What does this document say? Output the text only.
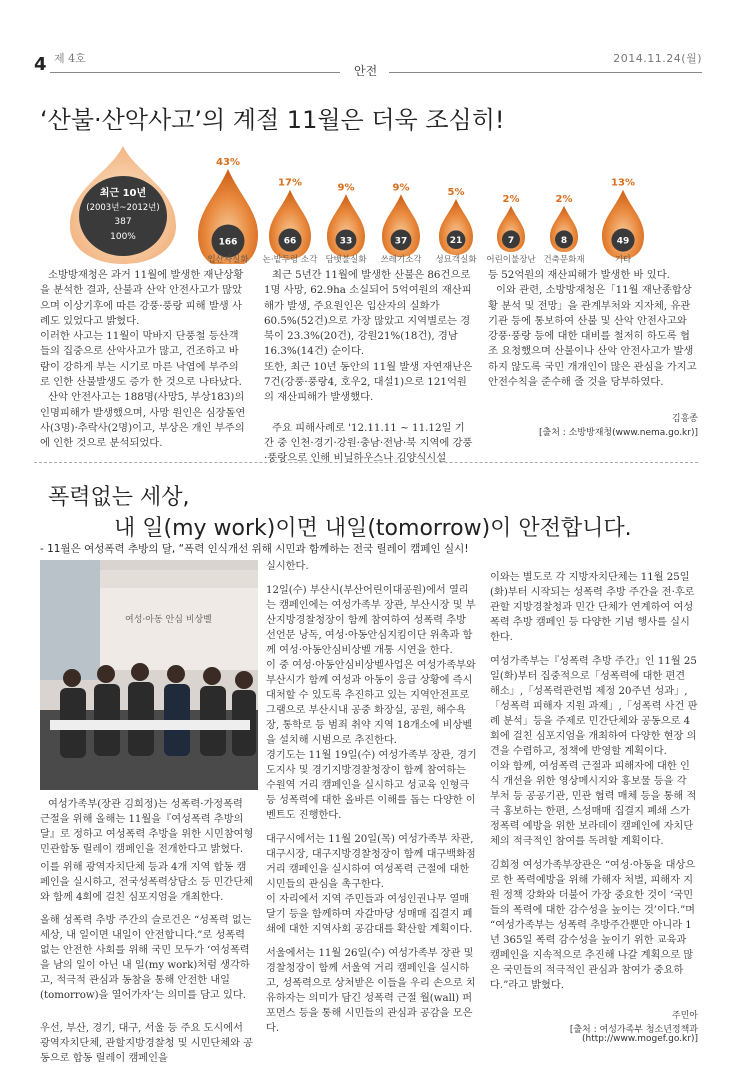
4 제 4호	2014.11.24(월)
안전
‘산불·산악사고’의 계절 11월은 더욱 조심히!
최근 10년
(2003년~2012년)
387
100%
166
43%
입산자실화
66
17%
논·밭두렁 소각
33
9%
담뱃불실화
37
9%
쓰레기소각
21
5%
성묘객실화
7
2%
어린이불장난
8
2%
건축문화재
49
13%
기타

소방방재청은 과거 11월에 발생한 재난상황을 분석한 결과, 산불과 산악 안전사고가 많았으며 이상기후에 따른 강풍·풍랑 피해 발생 사례도 있었다고 밝혔다.

이러한 사고는 11월이 막바지 단풍철 등산객들의 집중으로 산악사고가 많고, 건조하고 바람이 강하게 부는 시기로 마른 낙엽에 부주의로 인한 산불발생도 증가 한 것으로 나타났다.

산악 안전사고는 188명(사망5, 부상183)의 인명피해가 발생했으며, 사망 원인은 심장돌연사(3명)·추락사(2명)이고, 부상은 개인 부주의에 인한 것으로 분석되었다.

최근 5년간 11월에 발생한 산불은 86건으로 1명 사망, 62.9ha 소실되어 5억여원의 재산피해가 발생, 주요원인은 입산자의 실화가 60.5%(52건)으로 가장 많았고 지역별로는 경북이 23.3%(20건), 강원21%(18건), 경남16.3%(14건) 순이다.

또한, 최근 10년 동안의 11월 발생 자연재난은 7건(강풍·풍랑4, 호우2, 대설1)으로 121억원의 재산피해가 발생했다.

주요 피해사례로 '12.11.11 ~ 11.12일 기간 중 인천·경기·강원·충남·전남·북 지역에 강풍·풍랑으로 인해 비닐하우스나 김양식시설

등 52억원의 재산피해가 발생한 바 있다.

이와 관련, 소방방재청은「11월 재난종합상황 분석 및 전망」을 관계부처와 지자체, 유관기관 등에 통보하여 산불 및 산악 안전사고와 강풍·풍랑 등에 대한 대비를 철저히 하도록 협조 요청했으며 산불이나 산악 안전사고가 발생하지 않도록 국민 개개인이 많은 관심을 가지고 안전수칙을 준수해 줄 것을 당부하였다.

김흥종
[출처 : 소방방재청(www.nema.go.kr)]
폭력없는 세상,
내 일(my work)이면 내일(tomorrow)이 안전합니다.
- 11월은 여성폭력 추방의 달, “폭력 인식개선 위해 시민과 함께하는 전국 릴레이 캠페인 실시!
여성·아동 안심 비상벨

여성가족부(장관 김희정)는 성폭력·가정폭력 근절을 위해 올해는 11월을『여성폭력 추방의 달』로 정하고 여성폭력 추방을 위한 시민참여형 민관합동 릴레이 캠페인을 전개한다고 밝혔다.

이를 위해 광역자치단체 등과 4개 지역 합동 캠페인을 실시하고, 전국성폭력상담소 등 민간단체와 함께 4회에 걸친 심포지엄을 개최한다.

올해 성폭력 추방 주간의 슬로건은 “성폭력 없는 세상, 내 일이면 내일이 안전합니다.”로 성폭력 없는 안전한 사회를 위해 국민 모두가 ‘여성폭력을 남의 일이 아닌 내 일(my work)처럼 생각하고, 적극적 관심과 동참을 통해 안전한 내일(tomorrow)을 열어가자’는 의미를 담고 있다.

우선, 부산, 경기, 대구, 서울 등 주요 도시에서 광역자치단체, 관할지방경찰청 및 시민단체와 공동으로 합동 릴레이 캠페인을

실시한다.

12일(수) 부산시(부산어린이대공원)에서 열리는 캠페인에는 여성가족부 장관, 부산시장 및 부산지방경찰청장이 함께 참여하여 성폭력 추방 선언문 낭독, 여성·아동안심지킴이단 위촉과 함께 여성·아동안심비상벨 개통 시연을 한다.

이 중 여성·아동안심비상벨사업은 여성가족부와 부산시가 함께 여성과 아동이 응급 상황에 즉시 대처할 수 있도록 추진하고 있는 지역안전프로그램으로 부산시내 공중 화장실, 공원, 해수욕장, 통학로 등 범죄 취약 지역 18개소에 비상벨을 설치해 시범으로 추진한다.

경기도는 11월 19일(수) 여성가족부 장관, 경기도지사 및 경기지방경찰청장이 함께 참여하는 수원역 거리 캠페인을 실시하고 성교육 인형극 등 성폭력에 대한 올바른 이해를 돕는 다양한 이벤트도 진행한다.

대구시에서는 11월 20일(목) 여성가족부 차관, 대구시장, 대구지방경찰청장이 함께 대구백화점 거리 캠페인을 실시하여 여성폭력 근절에 대한 시민들의 관심을 촉구한다.

이 자리에서 지역 주민들과 여성인권나무 열매달기 등을 함께하며 자갈마당 성매매 집결지 폐쇄에 대한 지역사회 공감대를 확산할 계획이다.

서울에서는 11월 26일(수) 여성가족부 장관 및 경찰청장이 함께 서울역 거리 캠페인을 실시하고, 성폭력으로 상처받은 이들을 우리 손으로 치유하자는 의미가 담긴 성폭력 근절 월(wall) 퍼포먼스 등을 통해 시민들의 관심과 공감을 모은다.

이와는 별도로 각 지방자치단체는 11월 25일(화)부터 시작되는 성폭력 추방 주간을 전·후로 관할 지방경찰청과 민간 단체가 연계하여 여성 폭력 추방 캠페인 등 다양한 기념 행사를 실시한다.

여성가족부는『성폭력 추방 주간』인 11월 25일(화)부터 집중적으로「성폭력에 대한 편견 해소」,「성폭력관련법 제정 20주년 성과」,「성폭력 피해자 지원 과제」,「성폭력 사건 판례 분석」등을 주제로 민간단체와 공동으로 4회에 걸친 심포지엄을 개최하여 다양한 현장 의견을 수렴하고, 정책에 반영할 계획이다.

이와 함께, 여성폭력 근절과 피해자에 대한 인식 개선을 위한 영상메시지와 홍보물 등을 각 부처 등 공공기관, 민관 협력 매체 등을 통해 적극 홍보하는 한편, 스성매매 집결지 폐쇄 스가정폭력 예방을 위한 보라데이 캠페인에 자치단체의 적극적인 참여를 독려할 계획이다.

김희정 여성가족부장관은 “여성·아동을 대상으로 한 폭력예방을 위해 가해자 처벌, 피해자 지원 정책 강화와 더불어 가장 중요한 것이 ‘국민들의 폭력에 대한 감수성을 높이는 것’이다.”며 “여성가족부는 성폭력 추방주간뿐만 아니라 1년 365일 폭력 감수성을 높이기 위한 교육과 캠페인을 지속적으로 추진해 나갈 계획으로 많은 국민들의 적극적인 관심과 참여가 중요하다.”라고 밝혔다.

주민아
[출처 : 여성가족부 청소년정책과
(http://www.mogef.go.kr)]
